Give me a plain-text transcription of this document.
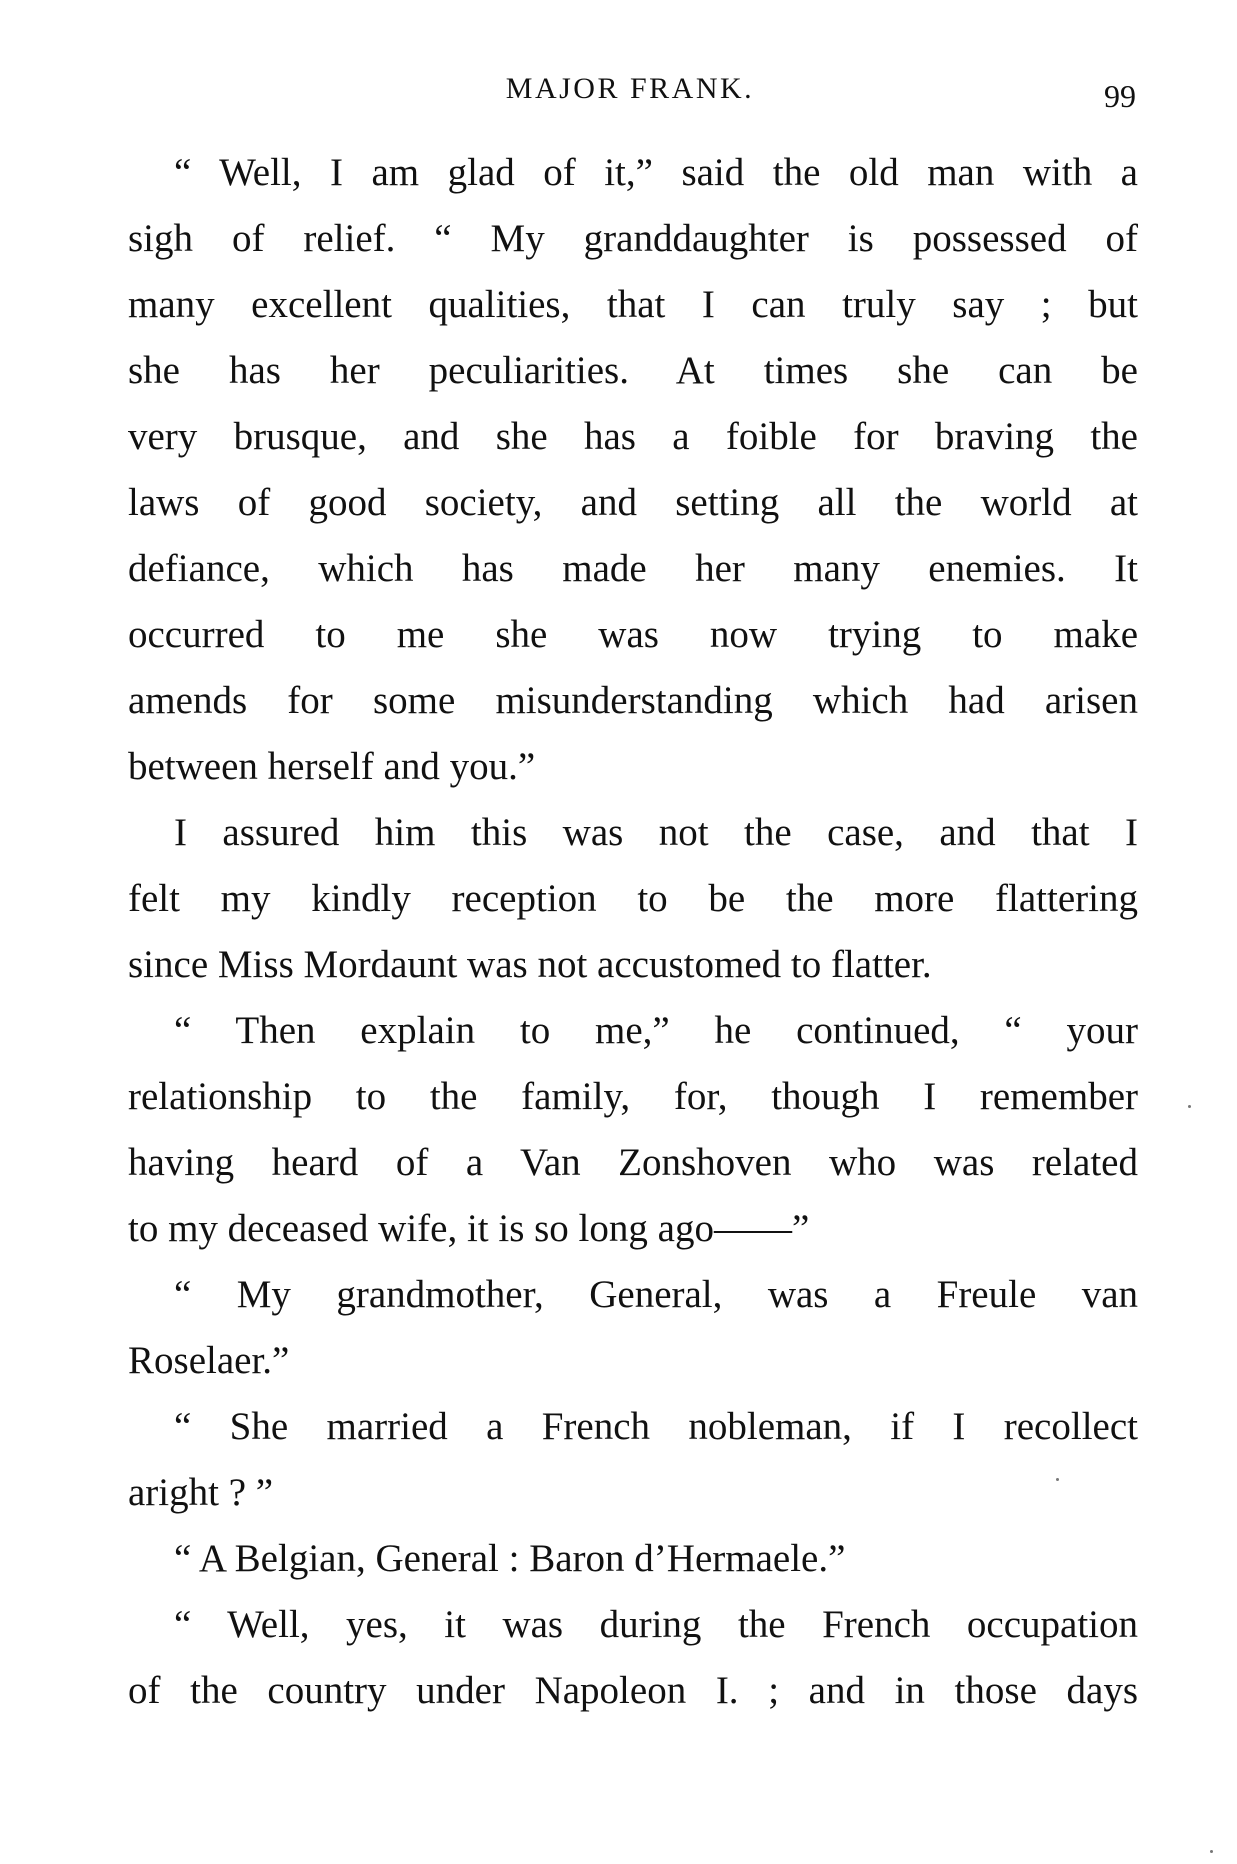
MAJOR FRANK.	99
“ Well, I am glad of it,” said the old man with a
sigh of relief. “ My granddaughter is possessed of
many excellent qualities, that I can truly say ; but
she has her peculiarities. At times she can be
very brusque, and she has a foible for braving the
laws of good society, and setting all the world at
defiance, which has made her many enemies. It
occurred to me she was now trying to make
amends for some misunderstanding which had arisen
between herself and you.”
I assured him this was not the case, and that I
felt my kindly reception to be the more flattering
since Miss Mordaunt was not accustomed to flatter.
“ Then explain to me,” he continued, “ your
relationship to the family, for, though I remember
having heard of a Van Zonshoven who was related
to my deceased wife, it is so long ago——”
“ My grandmother, General, was a Freule van
Roselaer.”
“ She married a French nobleman, if I recollect
aright ? ”
“ A Belgian, General : Baron d’Hermaele.”
“ Well, yes, it was during the French occupation
of the country under Napoleon I. ; and in those days
